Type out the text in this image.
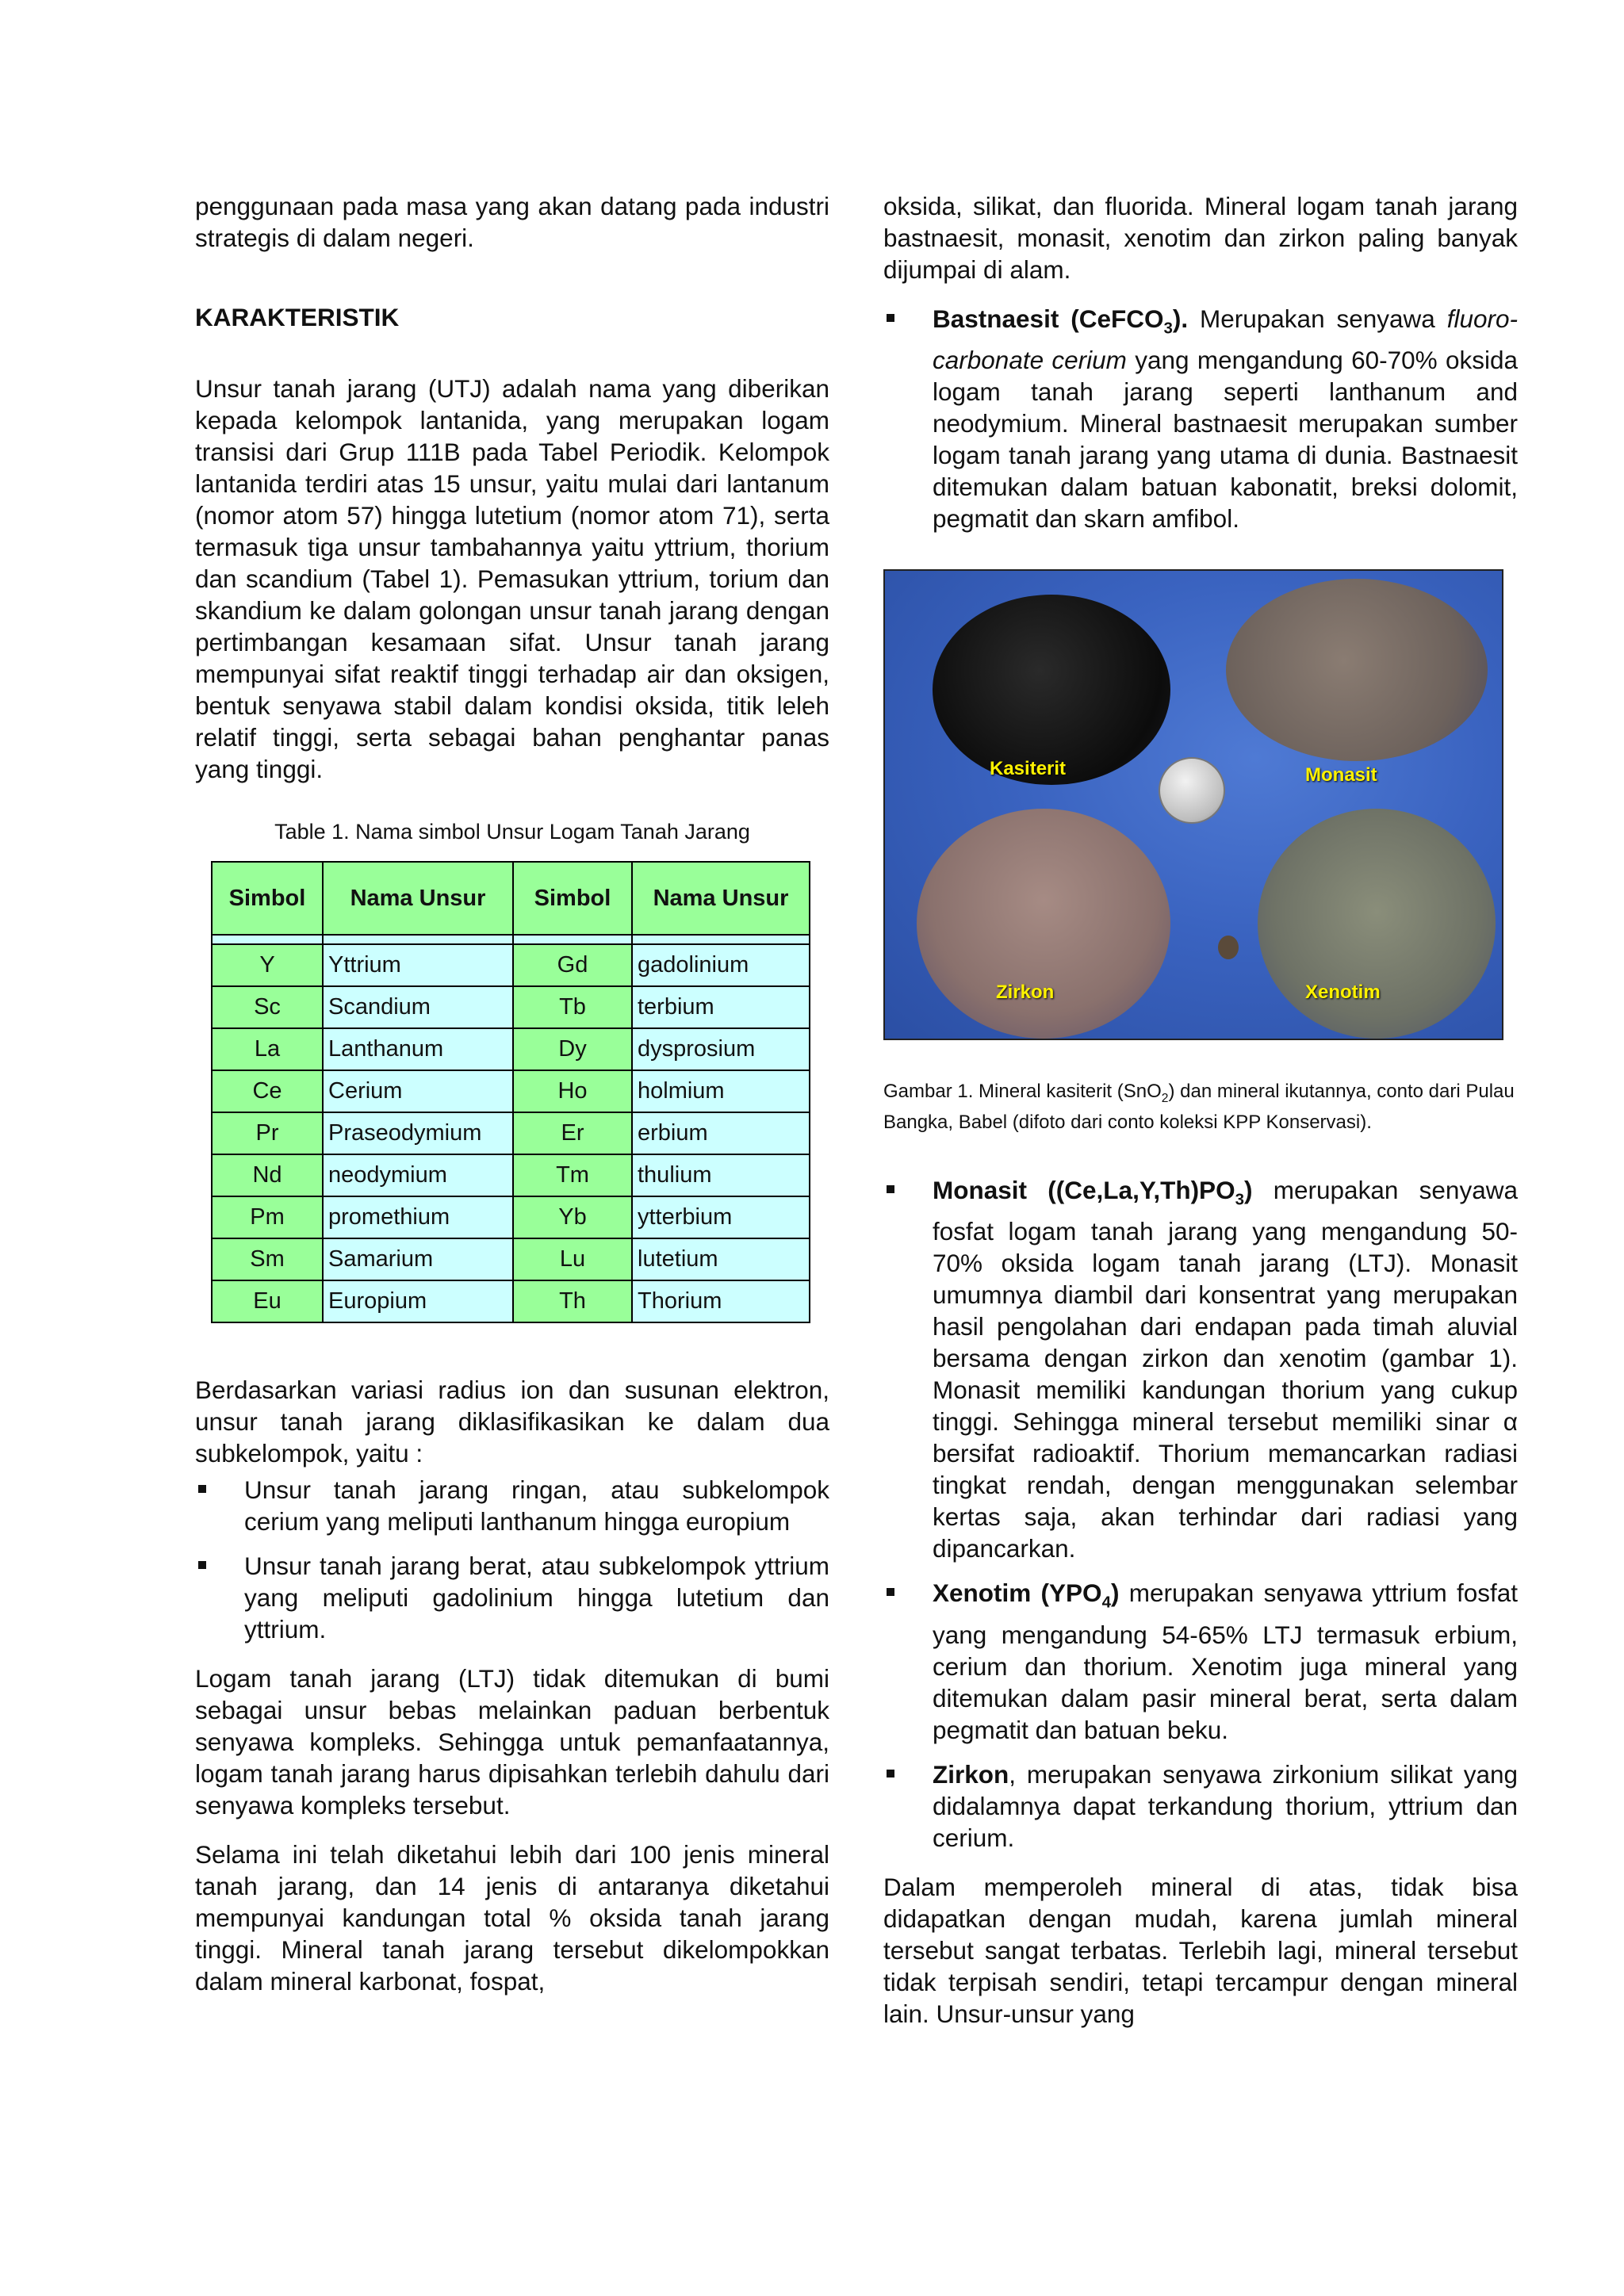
penggunaan pada masa yang akan datang pada industri strategis di dalam negeri.

KARAKTERISTIK

Unsur tanah jarang (UTJ) adalah nama yang diberikan kepada kelompok lantanida, yang merupakan logam transisi dari Grup 111B pada Tabel Periodik. Kelompok lantanida terdiri atas 15 unsur, yaitu mulai dari lantanum (nomor atom 57) hingga lutetium (nomor atom 71), serta termasuk tiga unsur tambahannya yaitu yttrium, thorium dan scandium (Tabel 1). Pemasukan yttrium, torium dan skandium ke dalam golongan unsur tanah jarang dengan pertimbangan kesamaan sifat. Unsur tanah jarang mempunyai sifat reaktif tinggi terhadap air dan oksigen, bentuk senyawa stabil dalam kondisi oksida, titik leleh relatif tinggi, serta sebagai bahan penghantar panas yang tinggi.

Table 1. Nama simbol Unsur Logam Tanah Jarang
Simbol	Nama Unsur	Simbol	Nama Unsur

Y	Yttrium	Gd	gadolinium
Sc	Scandium	Tb	terbium
La	Lanthanum	Dy	dysprosium
Ce	Cerium	Ho	holmium
Pr	Praseodymium	Er	erbium
Nd	neodymium	Tm	thulium
Pm	promethium	Yb	ytterbium
Sm	Samarium	Lu	lutetium
Eu	Europium	Th	Thorium

Berdasarkan variasi radius ion dan susunan elektron, unsur tanah jarang diklasifikasikan ke dalam dua subkelompok, yaitu :

Unsur tanah jarang ringan, atau subkelompok cerium yang meliputi lanthanum hingga europium
Unsur tanah jarang berat, atau subkelompok yttrium yang meliputi gadolinium hingga lutetium dan yttrium.

Logam tanah jarang (LTJ) tidak ditemukan di bumi sebagai unsur bebas melainkan paduan berbentuk senyawa kompleks. Sehingga untuk pemanfaatannya, logam tanah jarang harus dipisahkan terlebih dahulu dari senyawa kompleks tersebut.

Selama ini telah diketahui lebih dari 100 jenis mineral tanah jarang, dan 14 jenis di antaranya diketahui mempunyai kandungan total % oksida tanah jarang tinggi. Mineral tanah jarang tersebut dikelompokkan dalam mineral karbonat, fospat,

oksida, silikat, dan fluorida. Mineral logam tanah jarang bastnaesit, monasit, xenotim dan zirkon paling banyak dijumpai di alam.

Bastnaesit (CeFCO$_3$). Merupakan senyawa fluoro-carbonate cerium yang mengandung 60-70% oksida logam tanah jarang seperti lanthanum and neodymium. Mineral bastnaesit merupakan sumber logam tanah jarang yang utama di dunia. Bastnaesit ditemukan dalam batuan kabonatit, breksi dolomit, pegmatit dan skarn amfibol.
Kasiterit	Monasit
Zirkon	Xenotim
Gambar 1. Mineral kasiterit (SnO$_2$) dan mineral ikutannya, conto dari Pulau Bangka, Babel (difoto dari conto koleksi KPP Konservasi).
Monasit $((Ce,La,Y,Th)PO_3)$ merupakan senyawa fosfat logam tanah jarang yang mengandung 50-70% oksida logam tanah jarang (LTJ). Monasit umumnya diambil dari konsentrat yang merupakan hasil pengolahan dari endapan pada timah aluvial bersama dengan zirkon dan xenotim (gambar 1). Monasit memiliki kandungan thorium yang cukup tinggi. Sehingga mineral tersebut memiliki sinar α bersifat radioaktif. Thorium memancarkan radiasi tingkat rendah, dengan menggunakan selembar kertas saja, akan terhindar dari radiasi yang dipancarkan.
Xenotim $(YPO_4)$ merupakan senyawa yttrium fosfat yang mengandung 54-65% LTJ termasuk erbium, cerium dan thorium. Xenotim juga mineral yang ditemukan dalam pasir mineral berat, serta dalam pegmatit dan batuan beku.
Zirkon, merupakan senyawa zirkonium silikat yang didalamnya dapat terkandung thorium, yttrium dan cerium.

Dalam memperoleh mineral di atas, tidak bisa didapatkan dengan mudah, karena jumlah mineral tersebut sangat terbatas. Terlebih lagi, mineral tersebut tidak terpisah sendiri, tetapi tercampur dengan mineral lain. Unsur-unsur yang
